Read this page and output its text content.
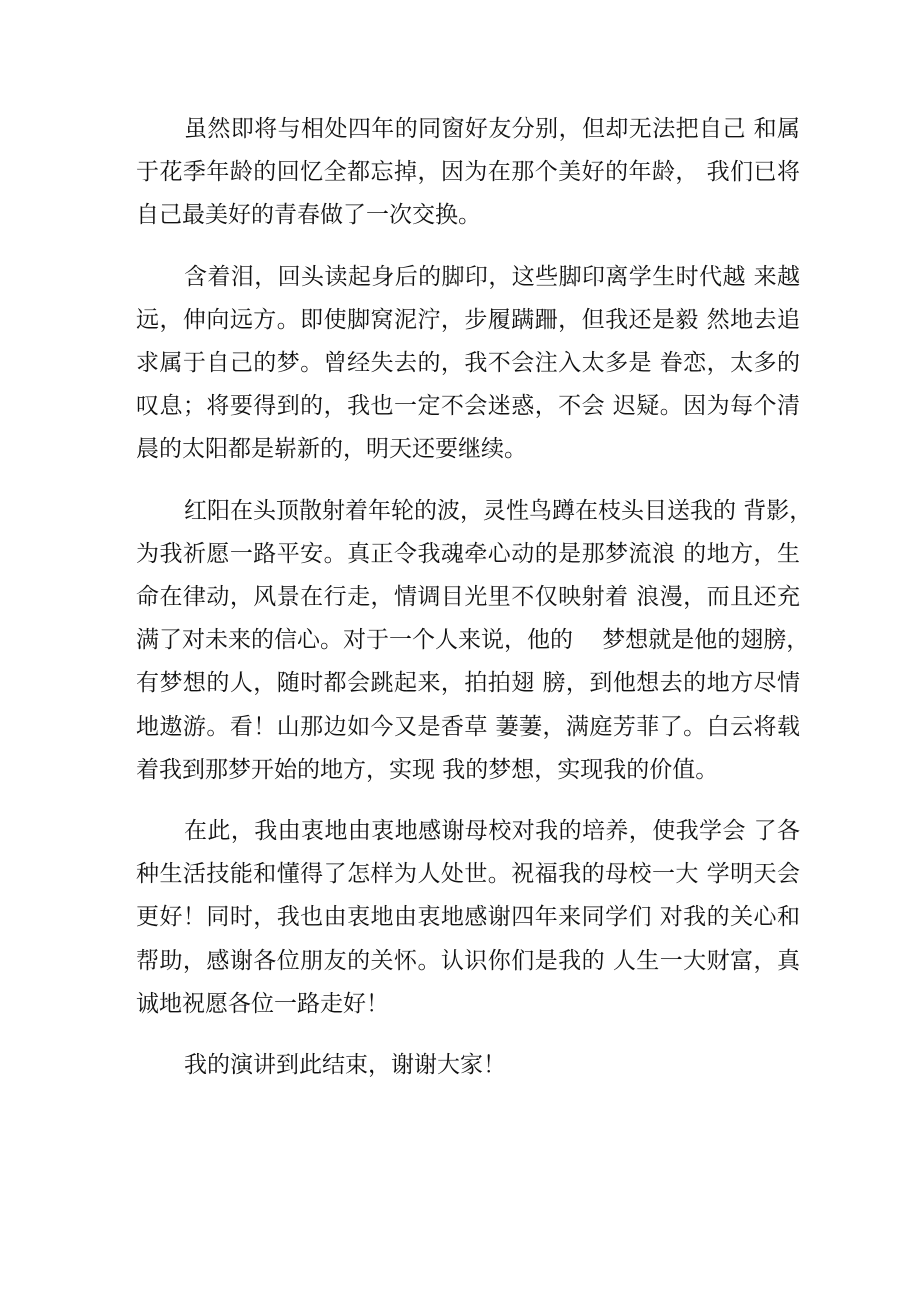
虽然即将与相处四年的同窗好友分别，但却无法把自己 和属
于花季年龄的回忆全都忘掉，因为在那个美好的年龄， 我们已将
自己最美好的青春做了一次交换。

含着泪，回头读起身后的脚印，这些脚印离学生时代越 来越
远，伸向远方。即使脚窝泥泞，步履蹒跚，但我还是毅 然地去追
求属于自己的梦。曾经失去的，我不会注入太多是 眷恋，太多的
叹息；将要得到的，我也一定不会迷惑，不会 迟疑。因为每个清
晨的太阳都是崭新的，明天还要继续。

红阳在头顶散射着年轮的波，灵性鸟蹲在枝头目送我的 背影，
为我祈愿一路平安。真正令我魂牵心动的是那梦流浪 的地方，生
命在律动，风景在行走，情调目光里不仅映射着 浪漫，而且还充
满了对未来的信心。对于一个人来说，他的    梦想就是他的翅膀，
有梦想的人，随时都会跳起来，拍拍翅 膀，到他想去的地方尽情
地遨游。看！山那边如今又是香草 萋萋，满庭芳菲了。白云将载
着我到那梦开始的地方，实现 我的梦想，实现我的价值。

在此，我由衷地由衷地感谢母校对我的培养，使我学会 了各
种生活技能和懂得了怎样为人处世。祝福我的母校一大 学明天会
更好！同时，我也由衷地由衷地感谢四年来同学们 对我的关心和
帮助，感谢各位朋友的关怀。认识你们是我的 人生一大财富，真
诚地祝愿各位一路走好！

我的演讲到此结束，谢谢大家！
